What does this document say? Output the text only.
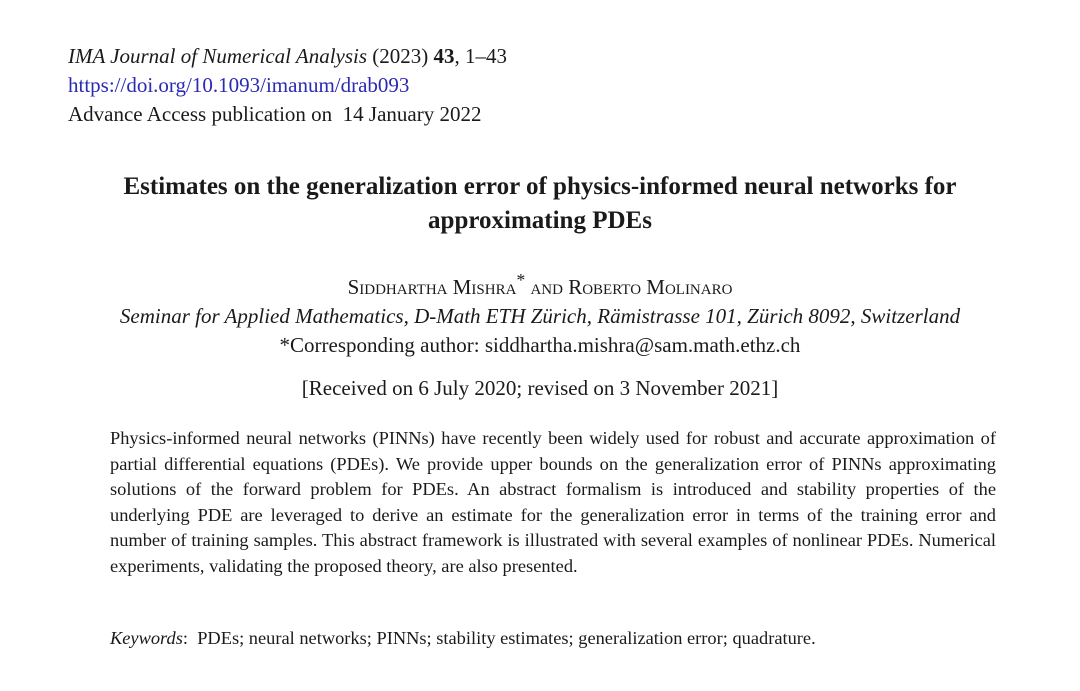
IMA Journal of Numerical Analysis (2023) 43, 1–43
https://doi.org/10.1093/imanum/drab093
Advance Access publication on  14 January 2022
Estimates on the generalization error of physics-informed neural networks for
approximating PDEs
Siddhartha Mishra* and Roberto Molinaro
Seminar for Applied Mathematics, D-Math ETH Zürich, Rämistrasse 101, Zürich 8092, Switzerland
*Corresponding author: siddhartha.mishra@sam.math.ethz.ch
[Received on 6 July 2020; revised on 3 November 2021]
Physics-informed neural networks (PINNs) have recently been widely used for robust and accurate approximation of partial differential equations (PDEs). We provide upper bounds on the generalization error of PINNs approximating solutions of the forward problem for PDEs. An abstract formalism is introduced and stability properties of the underlying PDE are leveraged to derive an estimate for the generalization error in terms of the training error and number of training samples. This abstract framework is illustrated with several examples of nonlinear PDEs. Numerical experiments, validating the proposed theory, are also presented.
Keywords:  PDEs; neural networks; PINNs; stability estimates; generalization error; quadrature.
